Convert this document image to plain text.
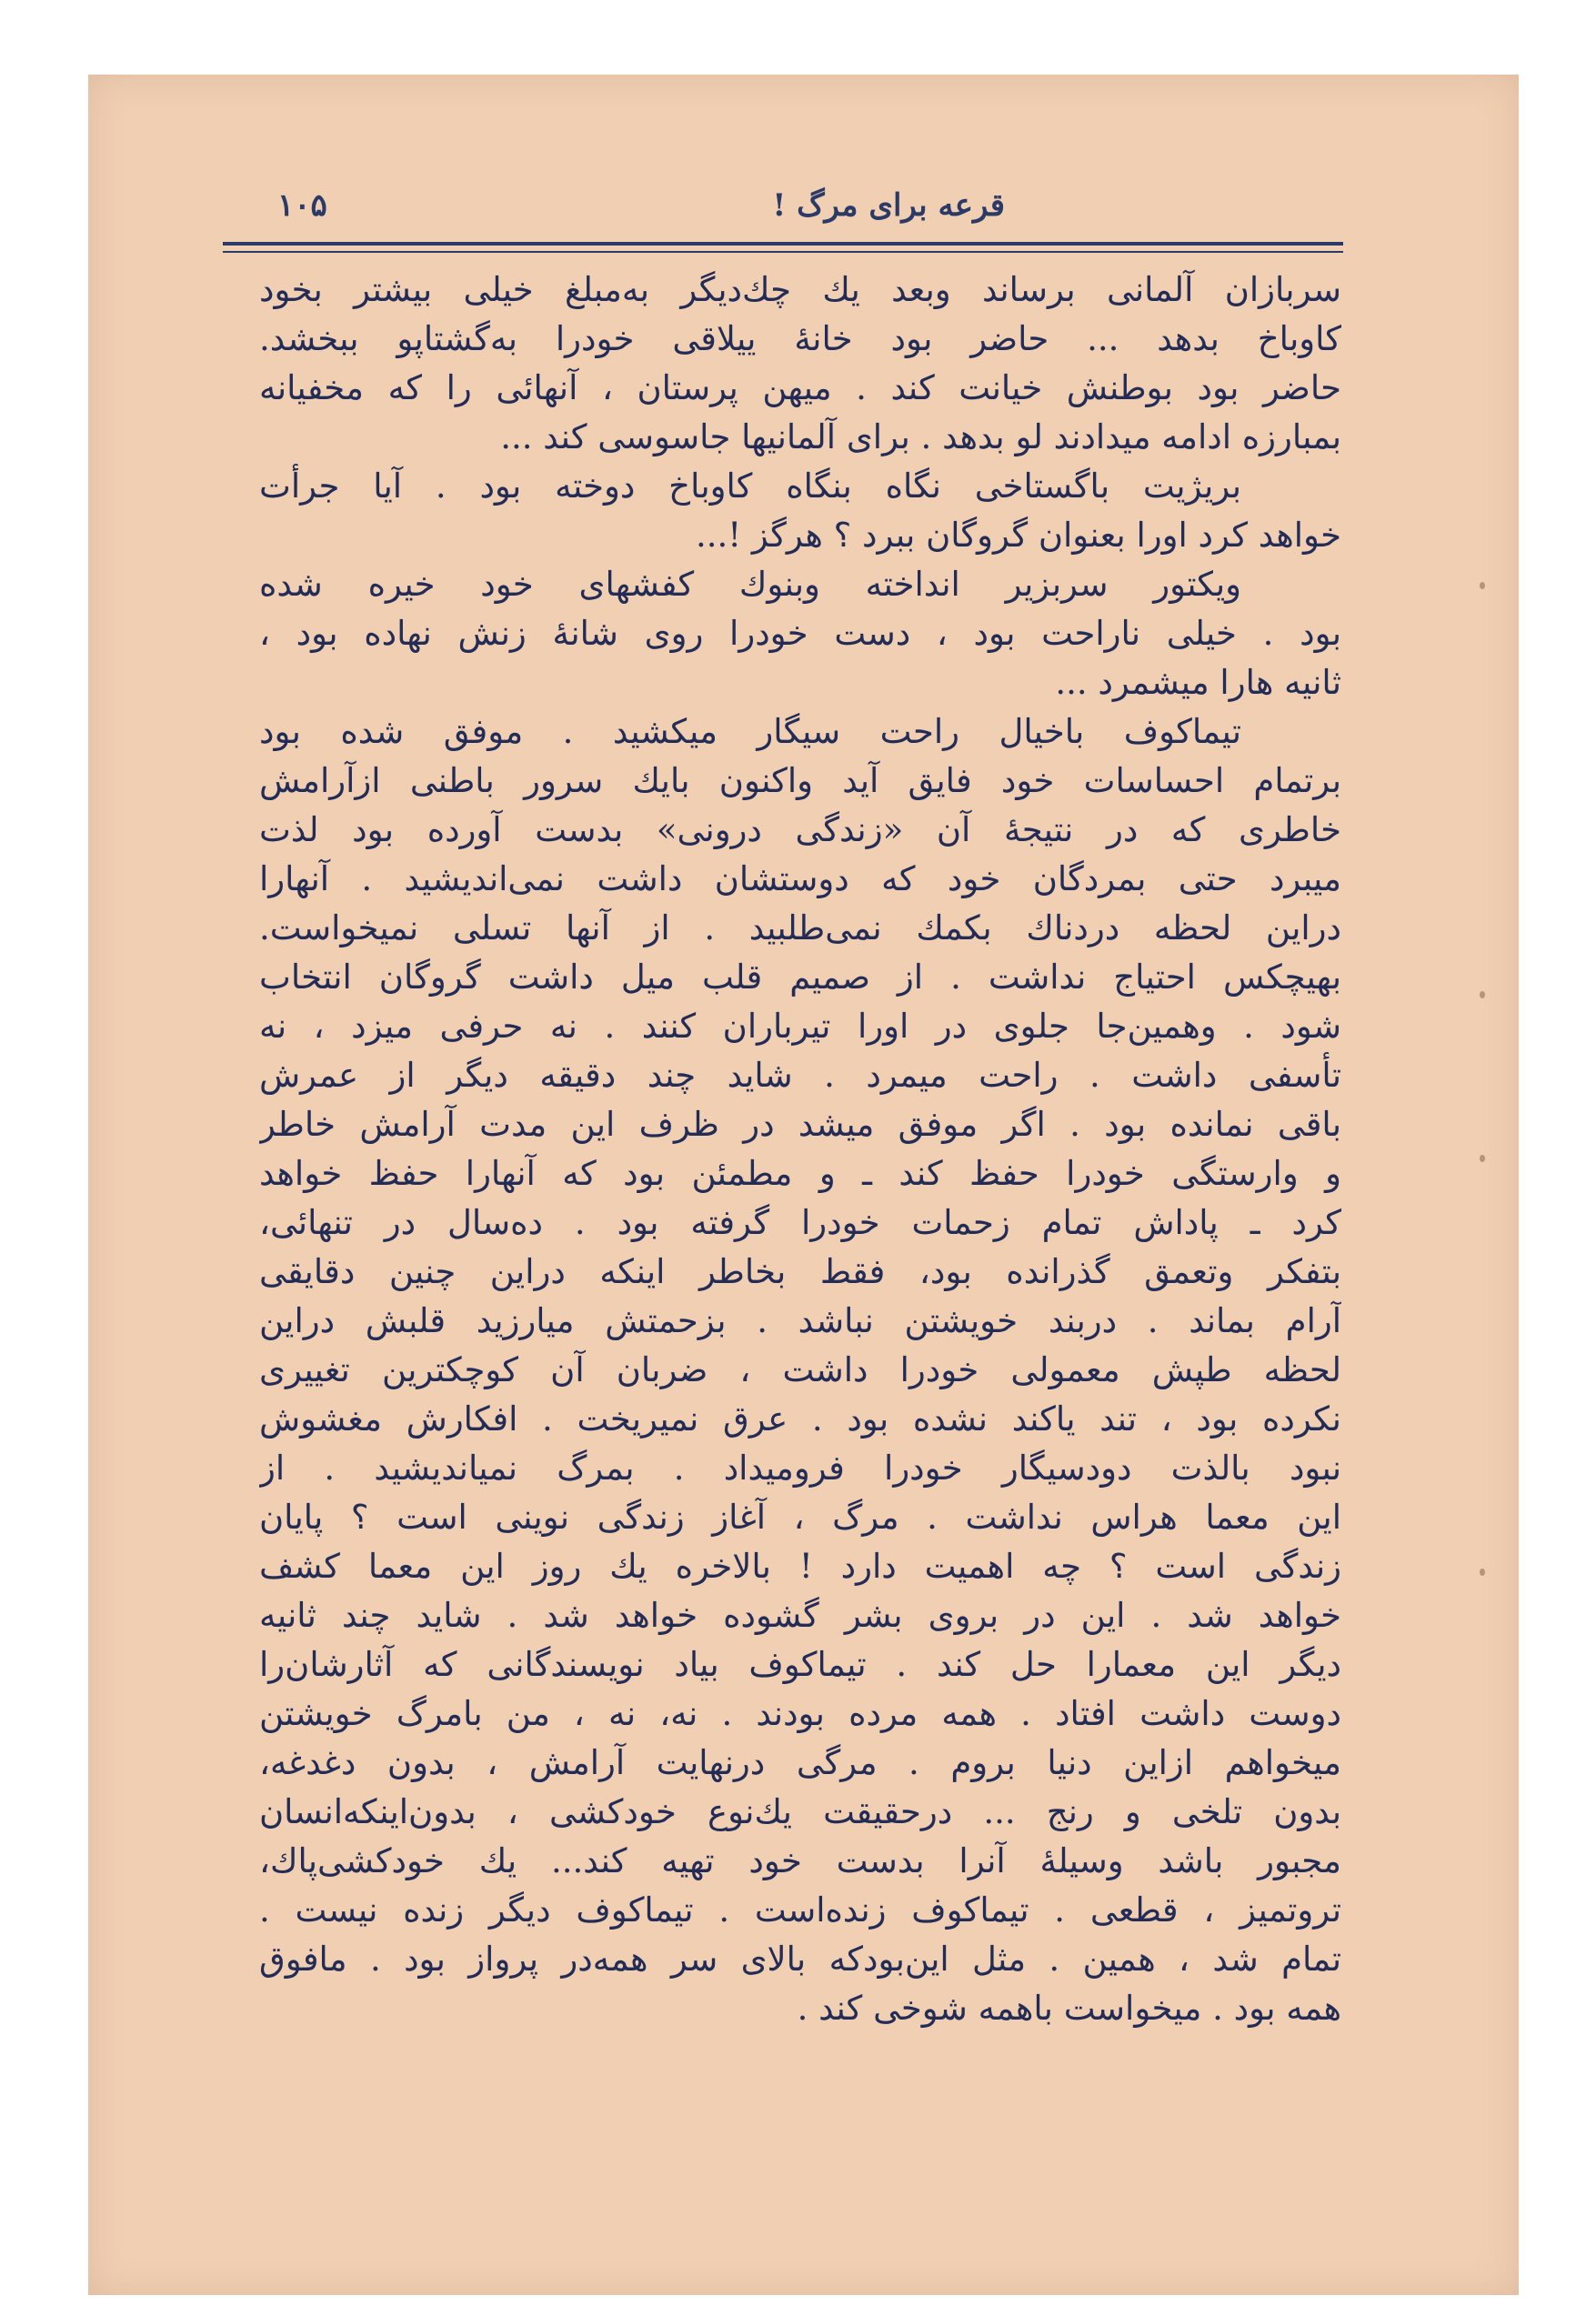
قرعه برای مرگ !
۱۰۵
سربازان آلمانی برساند وبعد یك چك‌دیگر به‌مبلغ خیلی بیشتر بخود
کاوباخ بدهد ... حاضر بود خانهٔ ییلاقی خودرا به‌گشتاپو ببخشد.
حاضر بود بوطنش خیانت کند . میهن پرستان ، آنهائی را که مخفیانه
بمبارزه ادامه میدادند لو بدهد . برای آلمانیها جاسوسی کند ...
بریژیت باگستاخی نگاه بنگاه کاوباخ دوخته بود . آیا جرأت
خواهد کرد اورا بعنوان گروگان ببرد ؟ هرگز !...
ویکتور سربزیر انداخته وبنوك کفشهای خود خیره شده
بود . خیلی ناراحت بود ، دست خودرا روی شانهٔ زنش نهاده بود ،
ثانیه هارا میشمرد ...
تیماکوف باخیال راحت سیگار میکشید . موفق شده بود
برتمام احساسات خود فایق آید واکنون بایك سرور باطنی ازآرامش
خاطری که در نتیجهٔ آن «زندگی درونی» بدست آورده بود لذت
میبرد حتی بمردگان خود که دوستشان داشت نمی‌اندیشید . آنهارا
دراین لحظه دردناك بکمك نمی‌طلبید . از آنها تسلی نمیخواست.
بهیچکس احتیاج نداشت . از صمیم قلب میل داشت گروگان انتخاب
شود . وهمین‌جا جلوی در اورا تیرباران کنند . نه حرفی میزد ، نه
تأسفی داشت . راحت میمرد . شاید چند دقیقه دیگر از عمرش
باقی نمانده بود . اگر موفق میشد در ظرف این مدت آرامش خاطر
و وارستگی خودرا حفظ کند ـ و مطمئن بود که آنهارا حفظ خواهد
کرد ـ پاداش تمام زحمات خودرا گرفته بود . ده‌سال در تنهائی،
بتفکر وتعمق گذرانده بود، فقط بخاطر اینکه دراین چنین دقایقی
آرام بماند . دربند خویشتن نباشد . بزحمتش میارزید قلبش دراین
لحظه طپش معمولی خودرا داشت ، ضربان آن کوچکترین تغییری
نکرده بود ، تند یاکند نشده بود . عرق نمیریخت . افکارش مغشوش
نبود بالذت دودسیگار خودرا فرومیداد . بمرگ نمیاندیشید . از
این معما هراس نداشت . مرگ ، آغاز زندگی نوینی است ؟ پایان
زندگی است ؟ چه اهمیت دارد ! بالاخره یك روز این معما کشف
خواهد شد . این در بروی بشر گشوده خواهد شد . شاید چند ثانیه
دیگر این معمارا حل کند . تیماکوف بیاد نویسندگانی که آثارشان‌را
دوست داشت افتاد . همه مرده بودند . نه، نه ، من بامرگ خویشتن
میخواهم ازاین دنیا بروم . مرگی درنهایت آرامش ، بدون دغدغه،
بدون تلخی و رنج ... درحقیقت یك‌نوع خودکشی ، بدون‌اینکه‌انسان
مجبور باشد وسیلهٔ آنرا بدست خود تهیه کند... یك خودکشی‌پاك،
تروتمیز ، قطعی . تیماکوف زنده‌است . تیماکوف دیگر زنده نیست .
تمام شد ، همین . مثل این‌بودکه بالای سر همه‌در پرواز بود . مافوق
همه بود . میخواست باهمه شوخی کند .
